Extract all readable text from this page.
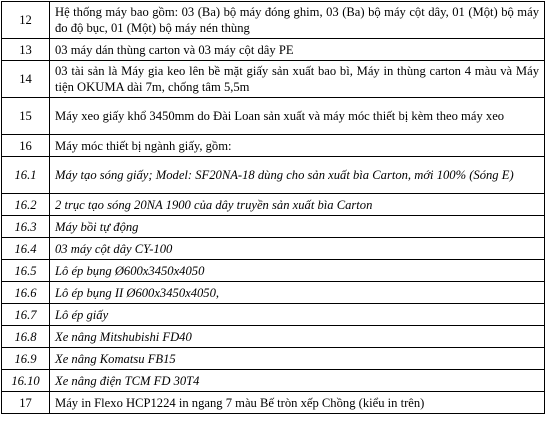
12	Hệ thống máy bao gồm: 03 (Ba) bộ máy đóng ghim, 03 (Ba) bộ máy cột dây, 01 (Một) bộ máy đo độ bục, 01 (Một) bộ máy nén thùng
13	03 máy dán thùng carton và 03 máy cột dây PE
14	03 tài sản là Máy gia keo lên bề mặt giấy sản xuất bao bì, Máy in thùng carton 4 màu và Máy tiện OKUMA dài 7m, chống tâm 5,5m
15	Máy xeo giấy khổ 3450mm do Đài Loan sản xuất và máy móc thiết bị kèm theo máy xeo
16	Máy móc thiết bị ngành giấy, gồm:
16.1	Máy tạo sóng giấy; Model: SF20NA-18 dùng cho sản xuất bìa Carton, mới 100% (Sóng E)
16.2	2 trục tạo sóng 20NA 1900 của dây truyền sản xuất bìa Carton
16.3	Máy bồi tự động
16.4	03 máy cột dây CY-100
16.5	Lô ép bụng Ø600x3450x4050
16.6	Lô ép bụng II Ø600x3450x4050,
16.7	Lô ép giấy
16.8	Xe nâng Mitshubishi FD40
16.9	Xe nâng Komatsu FB15
16.10	Xe nâng điện TCM FD 30T4
17	Máy in Flexo HCP1224 in ngang 7 màu Bế tròn xếp Chồng (kiểu in trên)
